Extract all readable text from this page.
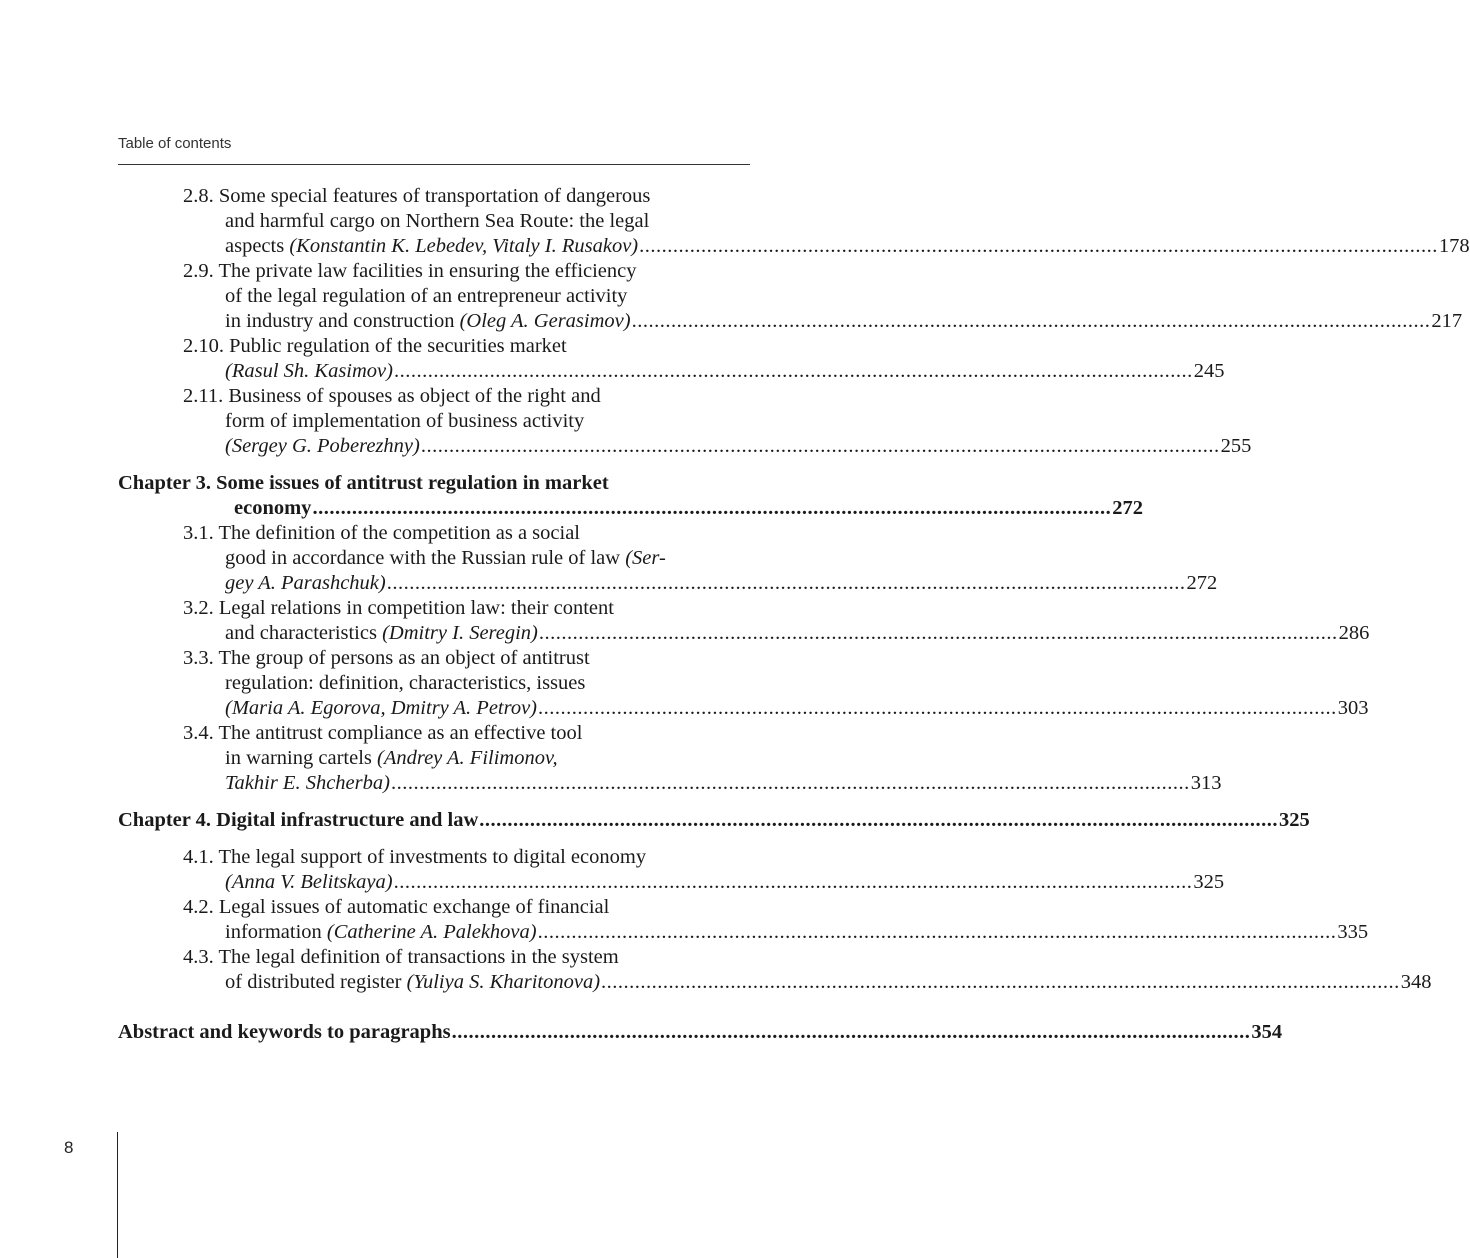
Table of contents
2.8. Some special features of transportation of dangerous
and harmful cargo on Northern Sea Route: the legal
aspects (Konstantin K. Lebedev, Vitaly I. Rusakov) .............................................................................................................................................. 178
2.9. The private law facilities in ensuring the efficiency
of the legal regulation of an entrepreneur activity
in industry and construction (Oleg A. Gerasimov) .............................................................................................................................................. 217
2.10. Public regulation of the securities market
(Rasul Sh. Kasimov) .............................................................................................................................................. 245
2.11. Business of spouses as object of the right and
form of implementation of business activity
(Sergey G. Poberezhny) .............................................................................................................................................. 255
Chapter 3. Some issues of antitrust regulation in market
economy .............................................................................................................................................. 272
3.1. The definition of the competition as a social
good in accordance with the Russian rule of law (Ser-
gey A. Parashchuk) .............................................................................................................................................. 272
3.2. Legal relations in competition law: their content
and characteristics (Dmitry I. Seregin) .............................................................................................................................................. 286
3.3. The group of persons as an object of antitrust
regulation: definition, characteristics, issues
(Maria A. Egorova, Dmitry A. Petrov) .............................................................................................................................................. 303
3.4. The antitrust compliance as an effective tool
in warning cartels (Andrey A. Filimonov,
Takhir E. Shcherba) .............................................................................................................................................. 313
Chapter 4. Digital infrastructure and law .............................................................................................................................................. 325
4.1. The legal support of investments to digital economy
(Anna V. Belitskaya) .............................................................................................................................................. 325
4.2. Legal issues of automatic exchange of financial
information (Catherine A. Palekhova) .............................................................................................................................................. 335
4.3. The legal definition of transactions in the system
of distributed register (Yuliya S. Kharitonova) .............................................................................................................................................. 348
Abstract and keywords to paragraphs .............................................................................................................................................. 354
8
